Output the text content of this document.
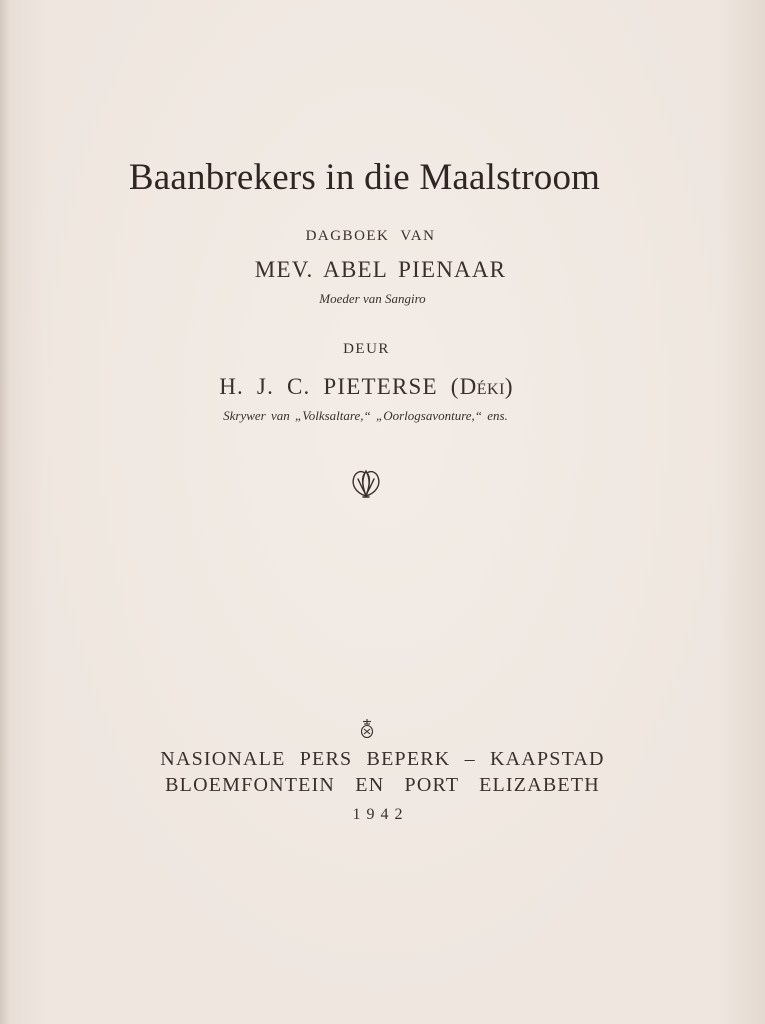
Baanbrekers in die Maalstroom
DAGBOEK VAN
MEV. ABEL PIENAAR
Moeder van Sangiro
DEUR
H. J. C. PIETERSE (Déki)
Skrywer van „Volksaltare,“ „Oorlogsavonture,“ ens.
NASIONALE PERS BEPERK – KAAPSTAD
BLOEMFONTEIN EN PORT ELIZABETH
1942
